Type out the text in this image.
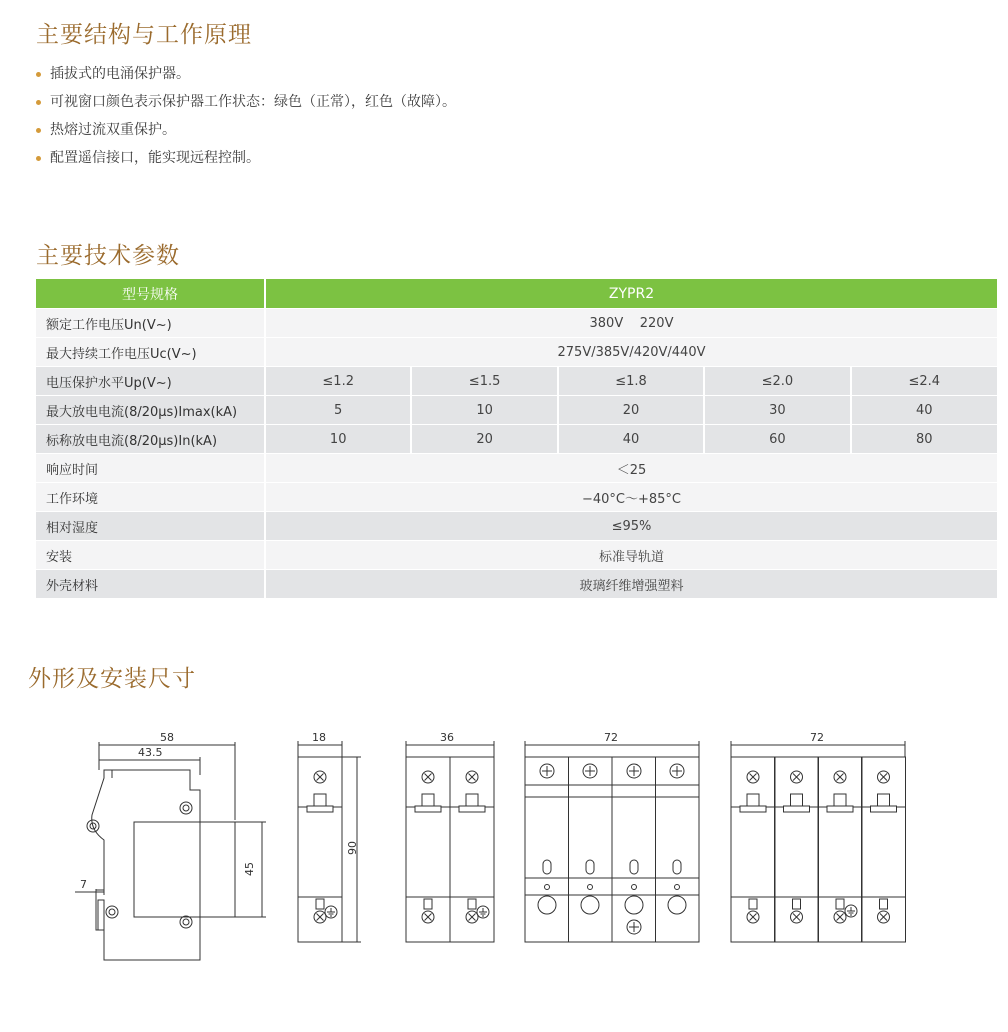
主要结构与工作原理
插拔式的电涌保护器。
可视窗口颜色表示保护器工作状态：绿色（正常），红色（故障）。
热熔过流双重保护。
配置遥信接口，能实现远程控制。
主要技术参数
型号规格	ZYPR2				
额定工作电压Un(V~)	380V    220V				
最大持续工作电压Uc(V~)	275V/385V/420V/440V				
电压保护水平Up(V~)	≤1.2	≤1.5	≤1.8	≤2.0	≤2.4
最大放电电流(8/20μs)Imax(kA)	5	10	20	30	40
标称放电电流(8/20μs)In(kA)	10	20	40	60	80
响应时间	＜25				
工作环境	−40°C～+85°C				
相对湿度	≤95%				
安装	标准导轨道				
外壳材料	玻璃纤维增强塑料				
外形及安装尺寸
58
43.5
45
7
18
90
36	72	72
